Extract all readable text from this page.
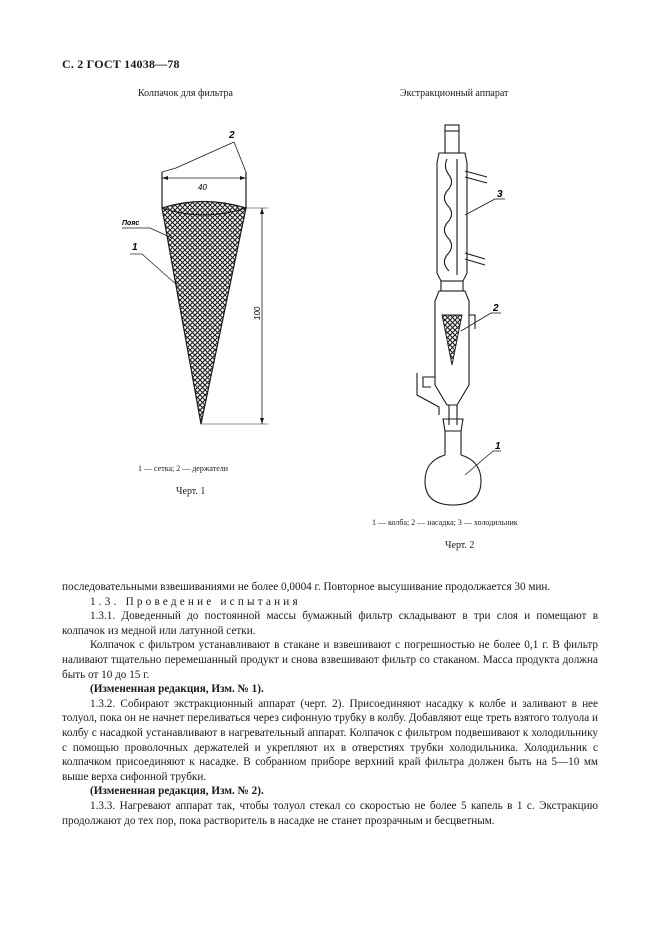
С. 2 ГОСТ 14038—78
Колпачок для фильтра
40
100
2
Пояс
1
1 — сетка; 2 — держатели
Черт. 1
Экстракционный аппарат
3
2
1
1 — колба; 2 — насадка; 3 — холодильник
Черт. 2

последовательными взвешиваниями не более 0,0004 г. Повторное высушивание продолжается 30 мин.

1.3. Проведение испытания

1.3.1. Доведенный до постоянной массы бумажный фильтр складывают в три слоя и помещают в колпачок из медной или латунной сетки.

Колпачок с фильтром устанавливают в стакане и взвешивают с погрешностью не более 0,1 г. В фильтр наливают тщательно перемешанный продукт и снова взвешивают фильтр со стаканом. Масса продукта должна быть от 10 до 15 г.

(Измененная редакция, Изм. № 1).

1.3.2. Собирают экстракционный аппарат (черт. 2). Присоединяют насадку к колбе и заливают в нее толуол, пока он не начнет переливаться через сифонную трубку в колбу. Добавляют еще треть взятого толуола и колбу с насадкой устанавливают в нагревательный аппарат. Колпачок с фильтром подвешивают к холодильнику с помощью проволочных держателей и укрепляют их в отверстиях трубки холодильника. Холодильник с колпачком присоединяют к насадке. В собранном приборе верхний край фильтра должен быть на 5—10 мм выше верха сифонной трубки.

(Измененная редакция, Изм. № 2).

1.3.3. Нагревают аппарат так, чтобы толуол стекал со скоростью не более 5 капель в 1 с. Экстракцию продолжают до тех пор, пока растворитель в насадке не станет прозрачным и бесцветным.
